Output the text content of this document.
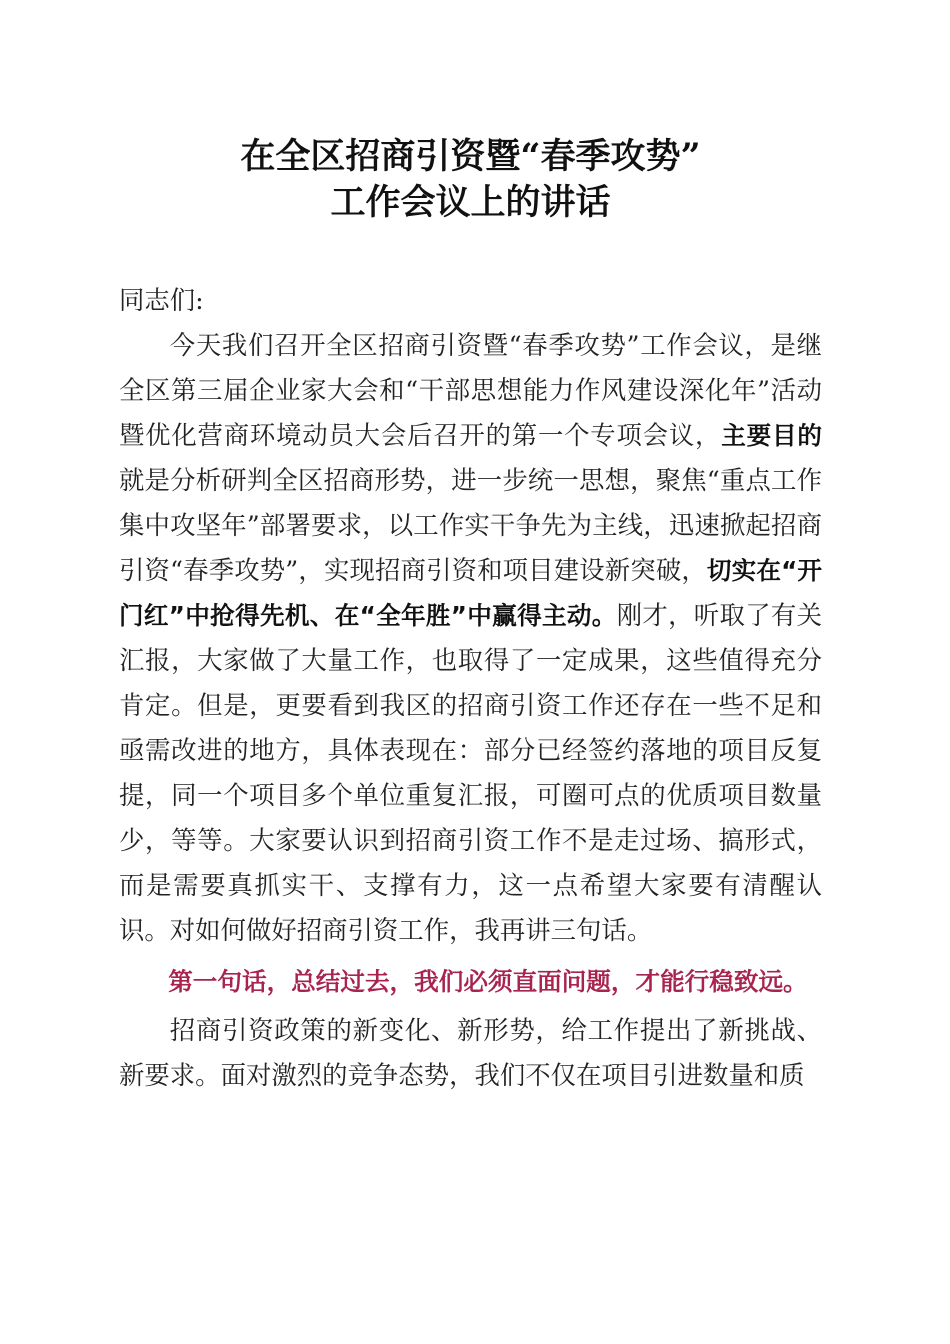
在全区招商引资暨“春季攻势”
工作会议上的讲话

同志们:

今天我们召开全区招商引资暨“春季攻势”工作会议，是继全区第三届企业家大会和“干部思想能力作风建设深化年”活动暨优化营商环境动员大会后召开的第一个专项会议，主要目的就是分析研判全区招商形势，进一步统一思想，聚焦“重点工作集中攻坚年”部署要求，以工作实干争先为主线，迅速掀起招商引资“春季攻势”，实现招商引资和项目建设新突破，切实在“开门红”中抢得先机、在“全年胜”中赢得主动。刚才，听取了有关汇报，大家做了大量工作，也取得了一定成果，这些值得充分肯定。但是，更要看到我区的招商引资工作还存在一些不足和亟需改进的地方，具体表现在：部分已经签约落地的项目反复提，同一个项目多个单位重复汇报，可圈可点的优质项目数量少，等等。大家要认识到招商引资工作不是走过场、搞形式，而是需要真抓实干、支撑有力，这一点希望大家要有清醒认识。对如何做好招商引资工作，我再讲三句话。

第一句话，总结过去，我们必须直面问题，才能行稳致远。

招商引资政策的新变化、新形势，给工作提出了新挑战、新要求。面对激烈的竞争态势，我们不仅在项目引进数量和质
